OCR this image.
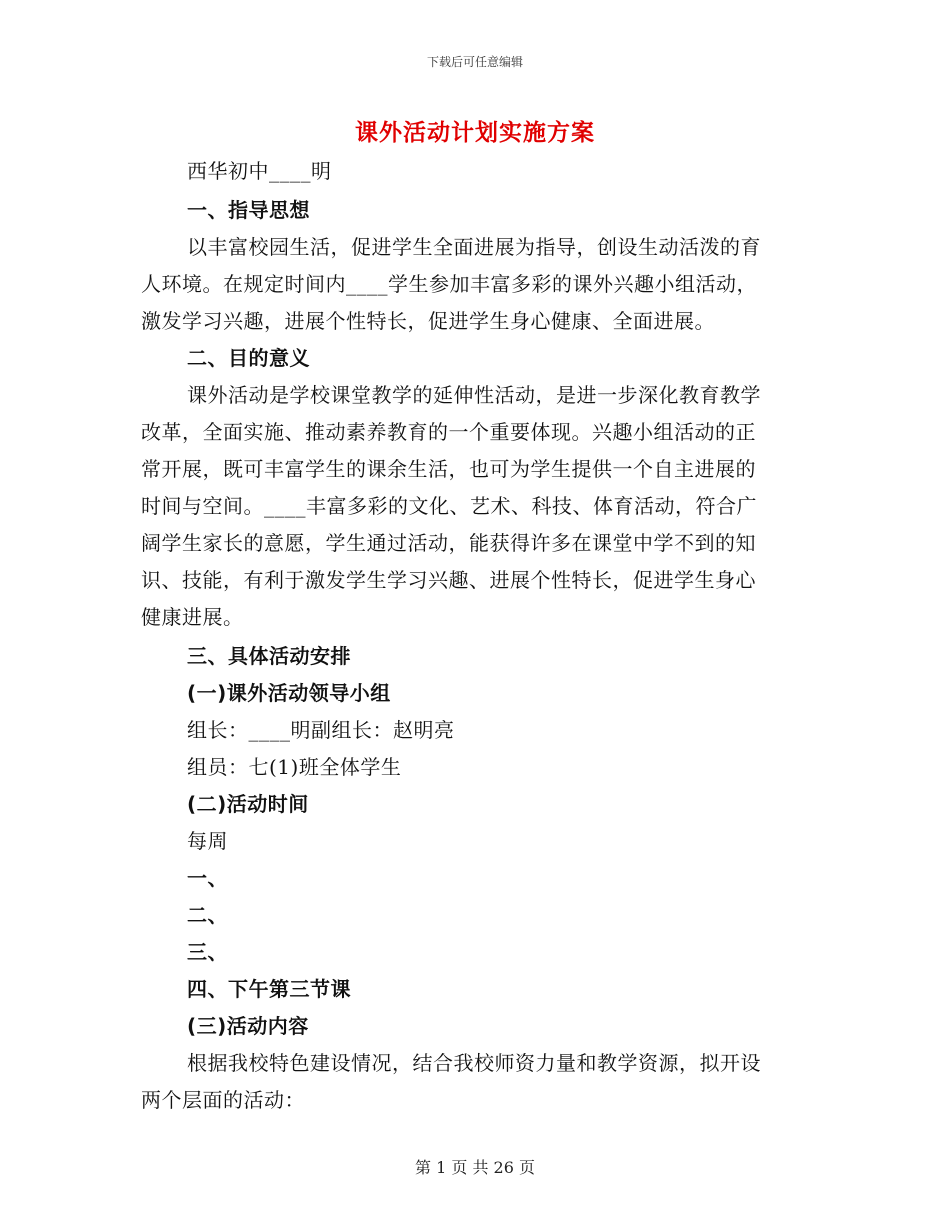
下载后可任意编辑
课外活动计划实施方案
西华初中____明
一、指导思想
以丰富校园生活，促进学生全面进展为指导，创设生动活泼的育
人环境。在规定时间内____学生参加丰富多彩的课外兴趣小组活动，
激发学习兴趣，进展个性特长，促进学生身心健康、全面进展。
二、目的意义
课外活动是学校课堂教学的延伸性活动，是进一步深化教育教学
改革，全面实施、推动素养教育的一个重要体现。兴趣小组活动的正
常开展，既可丰富学生的课余生活，也可为学生提供一个自主进展的
时间与空间。____丰富多彩的文化、艺术、科技、体育活动，符合广
阔学生家长的意愿，学生通过活动，能获得许多在课堂中学不到的知
识、技能，有利于激发学生学习兴趣、进展个性特长，促进学生身心
健康进展。
三、具体活动安排
(一)课外活动领导小组
组长：____明副组长：赵明亮
组员：七(1)班全体学生
(二)活动时间
每周
一、
二、
三、
四、下午第三节课
(三)活动内容
根据我校特色建设情况，结合我校师资力量和教学资源，拟开设
两个层面的活动：
第 1 页 共 26 页
